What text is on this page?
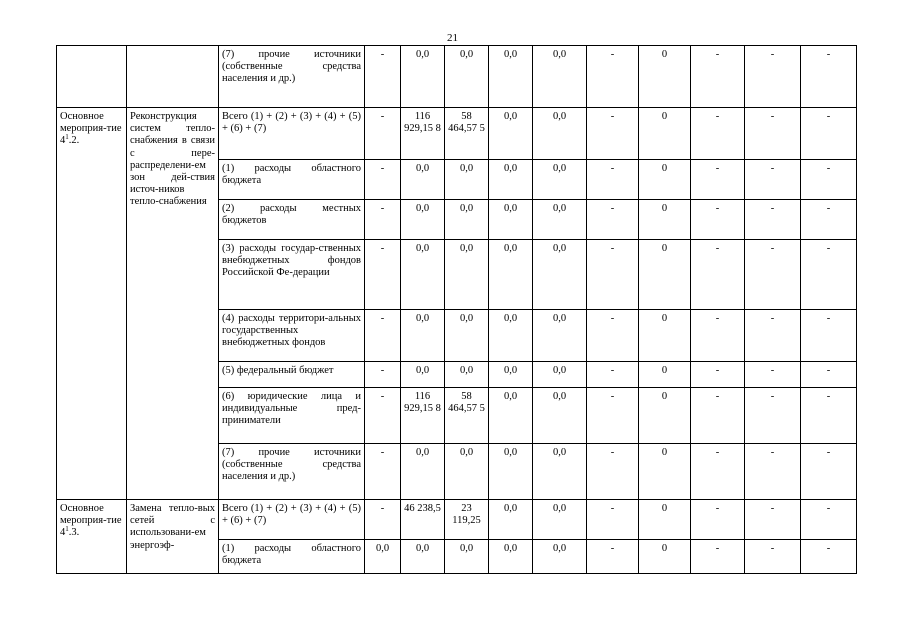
21
		(7) прочие источники (собственные средства населения и др.)	-	0,0	0,0	0,0	0,0	-	0	-	-	-
Основное мероприя-тие $4^1.2$.	Реконструкция систем тепло-снабжения в связи с пере-распределени-ем зон дей-ствия источ-ников тепло-снабжения	Всего (1) + (2) + (3) + (4) + (5) + (6) + (7)	-	116 929,15 8	58 464,57 5	0,0	0,0	-	0	-	-	-
		(1) расходы областного бюджета	-	0,0	0,0	0,0	0,0	-	0	-	-	-
		(2) расходы местных бюджетов	-	0,0	0,0	0,0	0,0	-	0	-	-	-
		(3) расходы государ-ственных внебюджетных фондов Российской Фе-дерации	-	0,0	0,0	0,0	0,0	-	0	-	-	-
		(4) расходы территори-альных государственных внебюджетных фондов	-	0,0	0,0	0,0	0,0	-	0	-	-	-
		(5) федеральный бюджет	-	0,0	0,0	0,0	0,0	-	0	-	-	-
		(6) юридические лица и индивидуальные пред-приниматели	-	116 929,15 8	58 464,57 5	0,0	0,0	-	0	-	-	-
		(7) прочие источники (собственные средства населения и др.)	-	0,0	0,0	0,0	0,0	-	0	-	-	-
Основное мероприя-тие $4^1.3$.	Замена тепло-вых сетей с использовани-ем энергоэф-	Всего (1) + (2) + (3) + (4) + (5) + (6) + (7)	-	46 238,5	23 119,25	0,0	0,0	-	0	-	-	-
		(1) расходы областного бюджета	0,0	0,0	0,0	0,0	0,0	-	0	-	-	-
